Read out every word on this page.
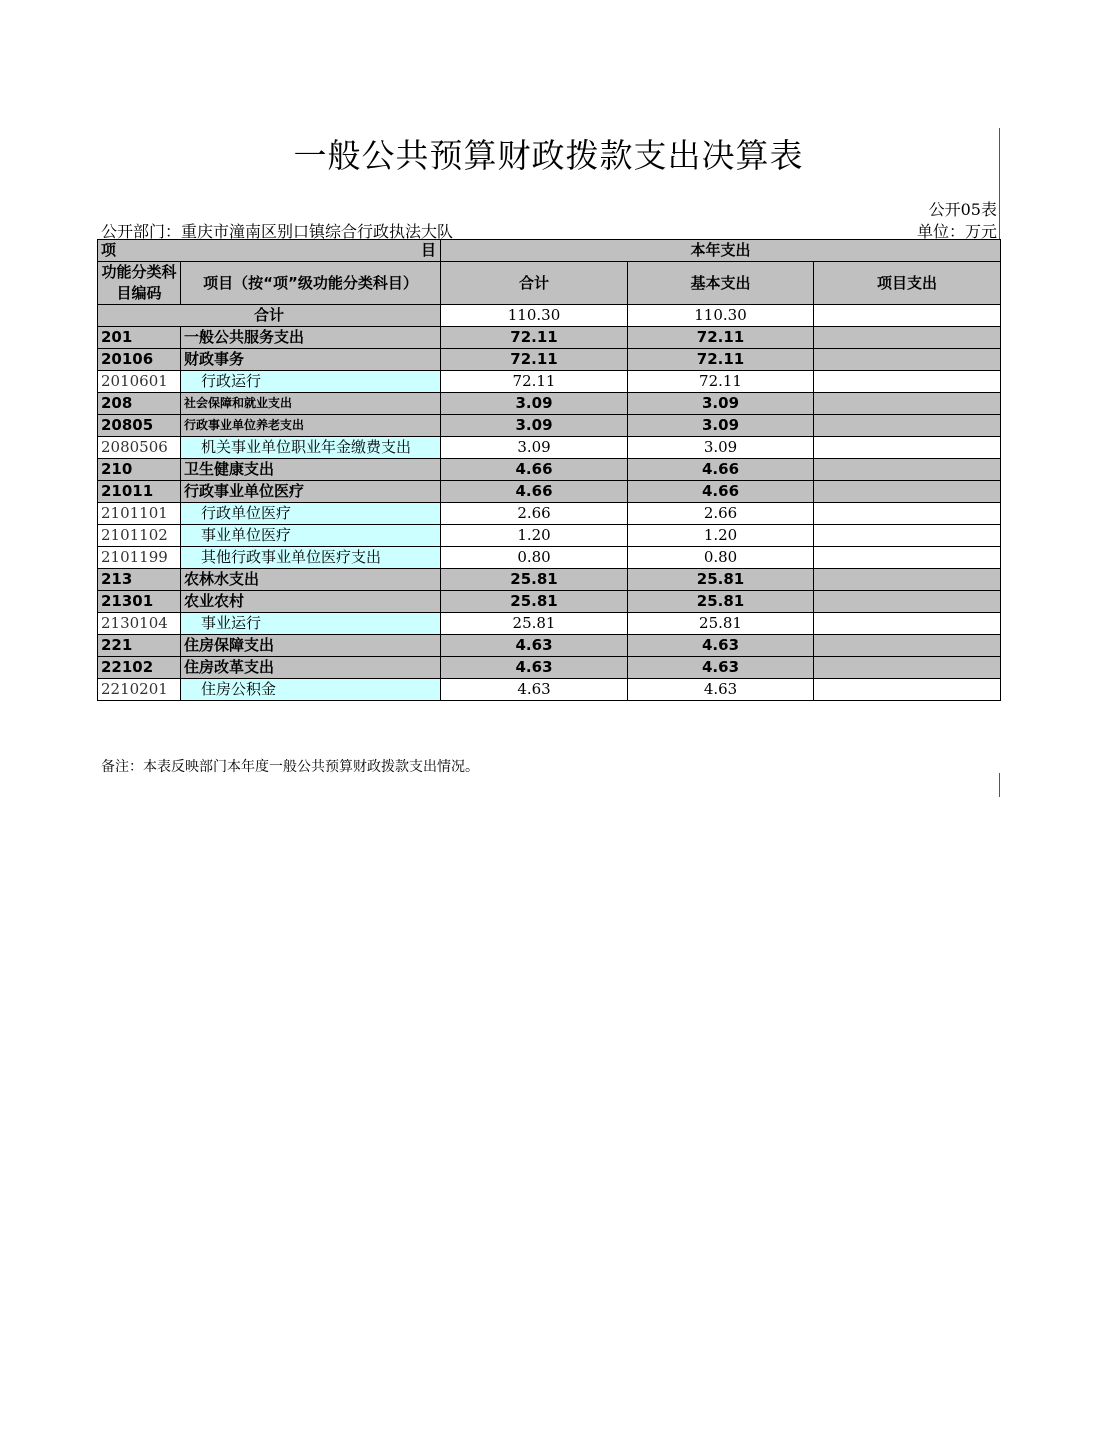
一般公共预算财政拨款支出决算表
公开05表
公开部门：重庆市潼南区别口镇综合行政执法大队	单位：万元
项 目		本年支出		
功能分类科目编码	项目（按“项”级功能分类科目）	合计	基本支出	项目支出
合计		110.30	110.30	
201	一般公共服务支出	72.11	72.11	
20106	财政事务	72.11	72.11	
2010601	行政运行	72.11	72.11	
208	社会保障和就业支出	3.09	3.09	
20805	行政事业单位养老支出	3.09	3.09	
2080506	机关事业单位职业年金缴费支出	3.09	3.09	
210	卫生健康支出	4.66	4.66	
21011	行政事业单位医疗	4.66	4.66	
2101101	行政单位医疗	2.66	2.66	
2101102	事业单位医疗	1.20	1.20	
2101199	其他行政事业单位医疗支出	0.80	0.80	
213	农林水支出	25.81	25.81	
21301	农业农村	25.81	25.81	
2130104	事业运行	25.81	25.81	
221	住房保障支出	4.63	4.63	
22102	住房改革支出	4.63	4.63	
2210201	住房公积金	4.63	4.63	
备注：本表反映部门本年度一般公共预算财政拨款支出情况。
